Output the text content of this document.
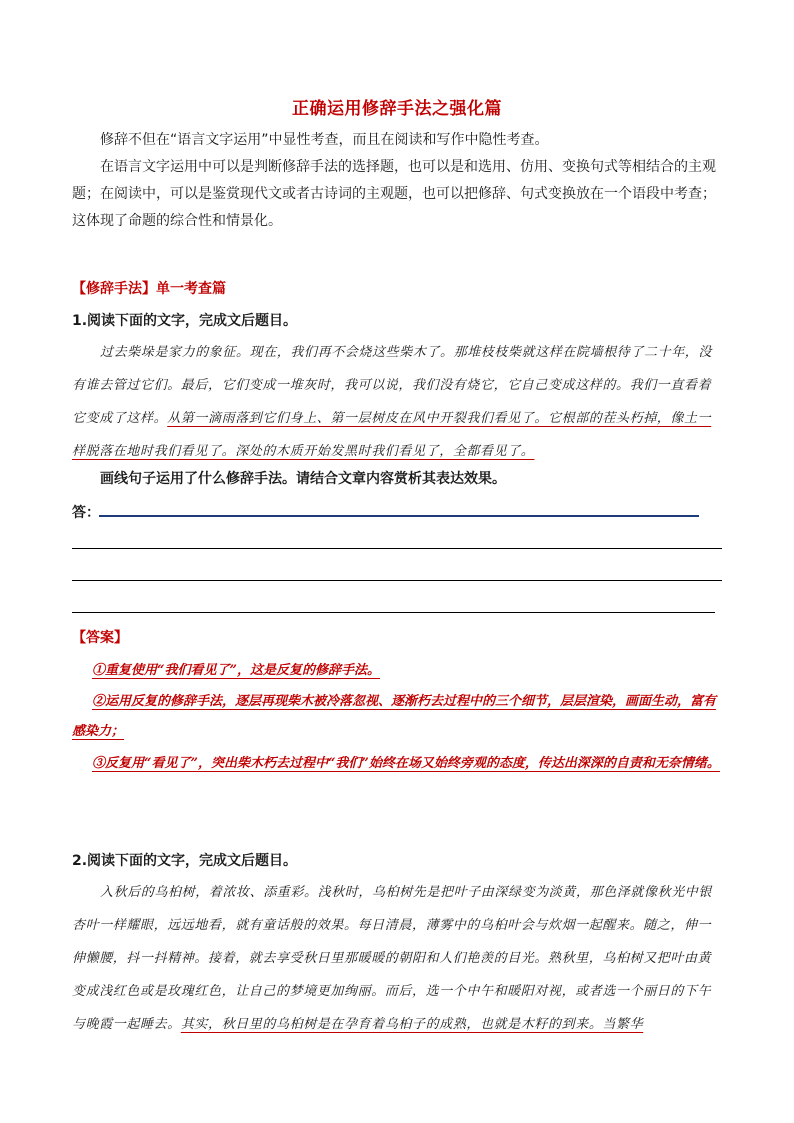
正确运用修辞手法之强化篇
修辞不但在“语言文字运用”中显性考查，而且在阅读和写作中隐性考查。
在语言文字运用中可以是判断修辞手法的选择题，也可以是和选用、仿用、变换句式等相结合的主观题；在阅读中，可以是鉴赏现代文或者古诗词的主观题，也可以把修辞、句式变换放在一个语段中考查；这体现了命题的综合性和情景化。
【修辞手法】单一考查篇
1.阅读下面的文字，完成文后题目。
过去柴垛是家力的象征。现在，我们再不会烧这些柴木了。那堆枝枝柴就这样在院墙根待了二十年，没有谁去管过它们。最后，它们变成一堆灰时，我可以说，我们没有烧它，它自己变成这样的。我们一直看着它变成了这样。从第一滴雨落到它们身上、第一层树皮在风中开裂我们看见了。它根部的茬头朽掉，像土一样脱落在地时我们看见了。深处的木质开始发黑时我们看见了，全都看见了。
画线句子运用了什么修辞手法。请结合文章内容赏析其表达效果。
答：
【答案】
①重复使用“我们看见了”，这是反复的修辞手法。
②运用反复的修辞手法，逐层再现柴木被冷落忽视、逐渐朽去过程中的三个细节，层层渲染，画面生动，富有感染力；
③反复用“看见了”，突出柴木朽去过程中“我们”始终在场又始终旁观的态度，传达出深深的自责和无奈情绪。
2.阅读下面的文字，完成文后题目。
入秋后的乌桕树，着浓妆、添重彩。浅秋时，乌桕树先是把叶子由深绿变为淡黄，那色泽就像秋光中银杏叶一样耀眼，远远地看，就有童话般的效果。每日清晨，薄雾中的乌桕叶会与炊烟一起醒来。随之，伸一伸懒腰，抖一抖精神。接着，就去享受秋日里那暖暖的朝阳和人们艳羡的目光。熟秋里，乌桕树又把叶由黄变成浅红色或是玫瑰红色，让自己的梦境更加绚丽。而后，选一个中午和暖阳对视，或者选一个丽日的下午与晚霞一起睡去。其实，秋日里的乌桕树是在孕育着乌桕子的成熟，也就是木籽的到来。当繁华
